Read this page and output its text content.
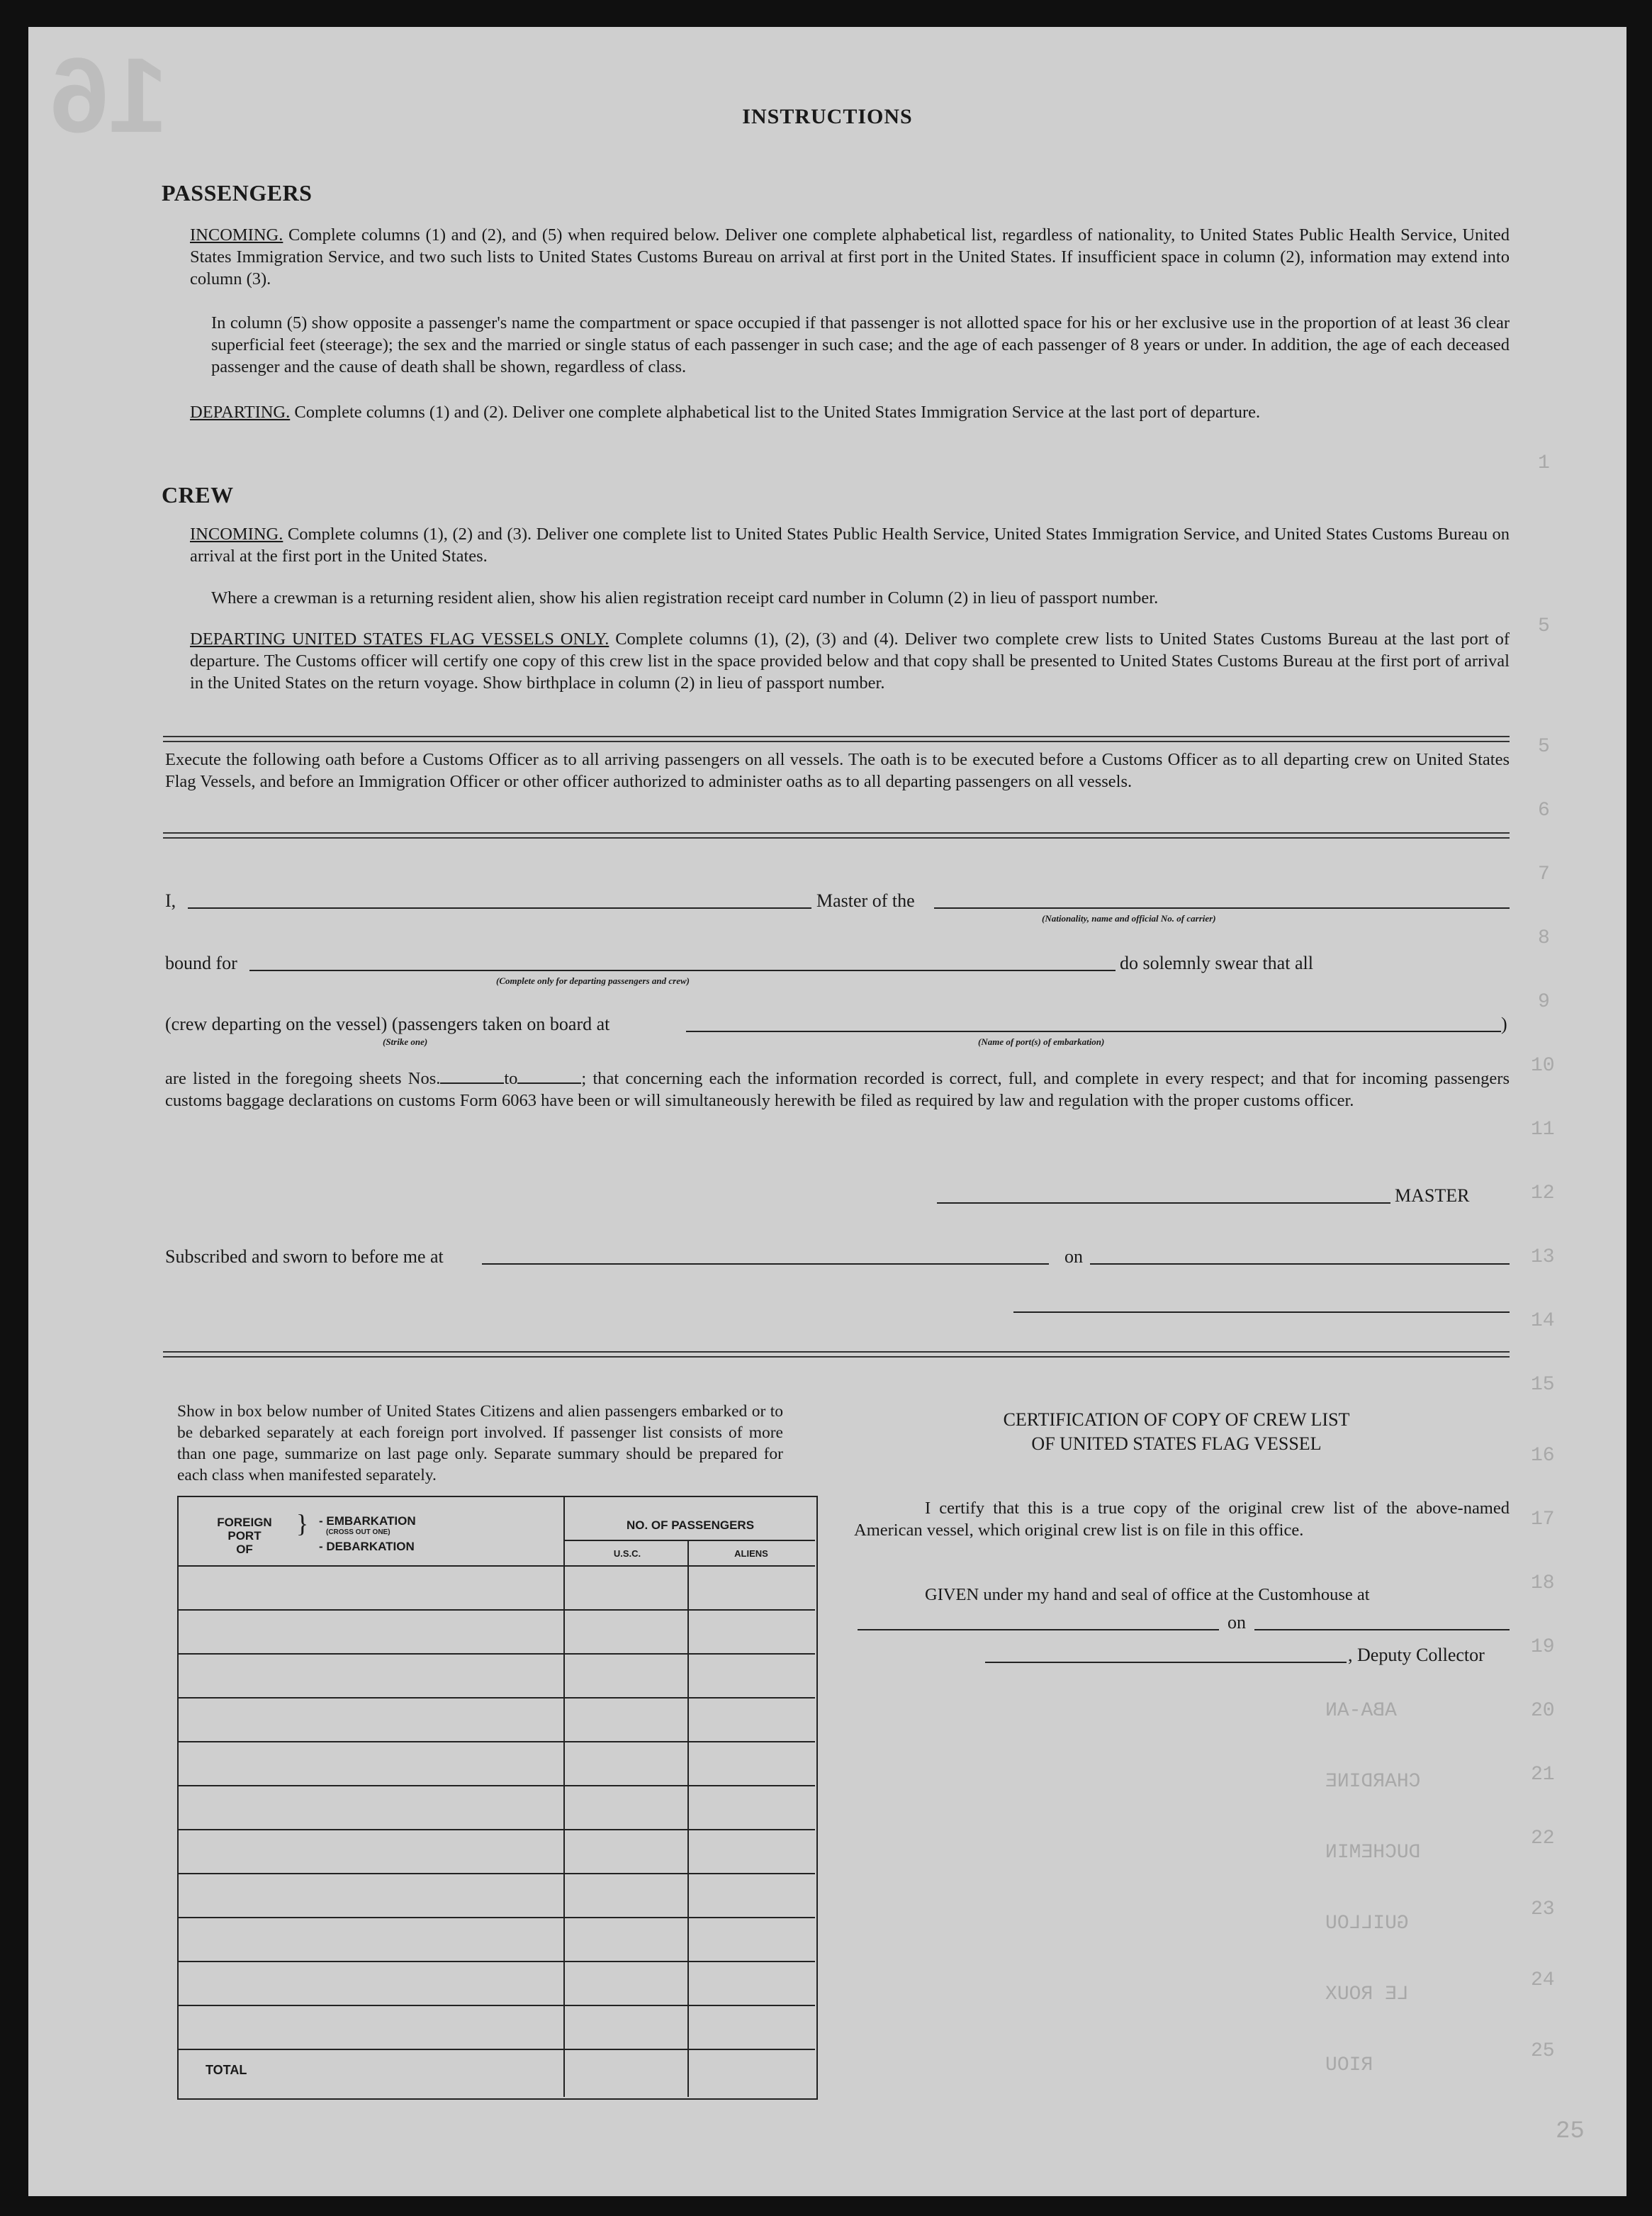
16
25
1
5
5
6
7
8
9
10
11
12
13
14
15
16
17
18
19
20
21
22
23
24
25
ABA-AN
CHARDINE
DUCHEMIN
GUILLOU
LE ROUX
RIOU
INSTRUCTIONS
PASSENGERS
INCOMING. Complete columns (1) and (2), and (5) when required below. Deliver one complete alphabetical list, regardless of nationality, to United States Public Health Service, United States Immigration Service, and two such lists to United States Customs Bureau on arrival at first port in the United States. If insufficient space in column (2), information may extend into column (3).
In column (5) show opposite a passenger's name the compartment or space occupied if that passenger is not allotted space for his or her exclusive use in the proportion of at least 36 clear superficial feet (steerage); the sex and the married or single status of each passenger in such case; and the age of each passenger of 8 years or under. In addition, the age of each deceased passenger and the cause of death shall be shown, regardless of class.
DEPARTING. Complete columns (1) and (2). Deliver one complete alphabetical list to the United States Immigration Service at the last port of departure.
CREW
INCOMING. Complete columns (1), (2) and (3). Deliver one complete list to United States Public Health Service, United States Immigration Service, and United States Customs Bureau on arrival at the first port in the United States.
Where a crewman is a returning resident alien, show his alien registration receipt card number in Column (2) in lieu of passport number.
DEPARTING UNITED STATES FLAG VESSELS ONLY. Complete columns (1), (2), (3) and (4). Deliver two complete crew lists to United States Customs Bureau at the last port of departure. The Customs officer will certify one copy of this crew list in the space provided below and that copy shall be presented to United States Customs Bureau at the first port of arrival in the United States on the return voyage. Show birthplace in column (2) in lieu of passport number.
Execute the following oath before a Customs Officer as to all arriving passengers on all vessels. The oath is to be executed before a Customs Officer as to all departing crew on United States Flag Vessels, and before an Immigration Officer or other officer authorized to administer oaths as to all departing passengers on all vessels.
I,	Master of the
(Nationality, name and official No. of carrier)
bound for
(Complete only for departing passengers and crew)
do solemnly swear that all
(crew departing on the vessel) (passengers taken on board at	)
(Strike one)	(Name of port(s) of embarkation)
are listed in the foregoing sheets Nos.	to	; that concerning each the information recorded is correct, full, and complete in every respect; and that for incoming passengers customs baggage declarations on customs Form 6063 have been or will simultaneously herewith be filed as required by law and regulation with the proper customs officer.
MASTER
Subscribed and sworn to before me at	on
Show in box below number of United States Citizens and alien passengers embarked or to be debarked separately at each foreign port involved. If passenger list consists of more than one page, summarize on last page only. Separate summary should be prepared for each class when manifested separately.
FOREIGN
PORT
OF
} - EMBARKATION
(CROSS OUT ONE)
- DEBARKATION
NO. OF PASSENGERS
U.S.C.	ALIENS
TOTAL
CERTIFICATION OF COPY OF CREW LIST
OF UNITED STATES FLAG VESSEL
I certify that this is a true copy of the original crew list of the above-named American vessel, which original crew list is on file in this office.
GIVEN under my hand and seal of office at the Customhouse at
on
, Deputy Collector
